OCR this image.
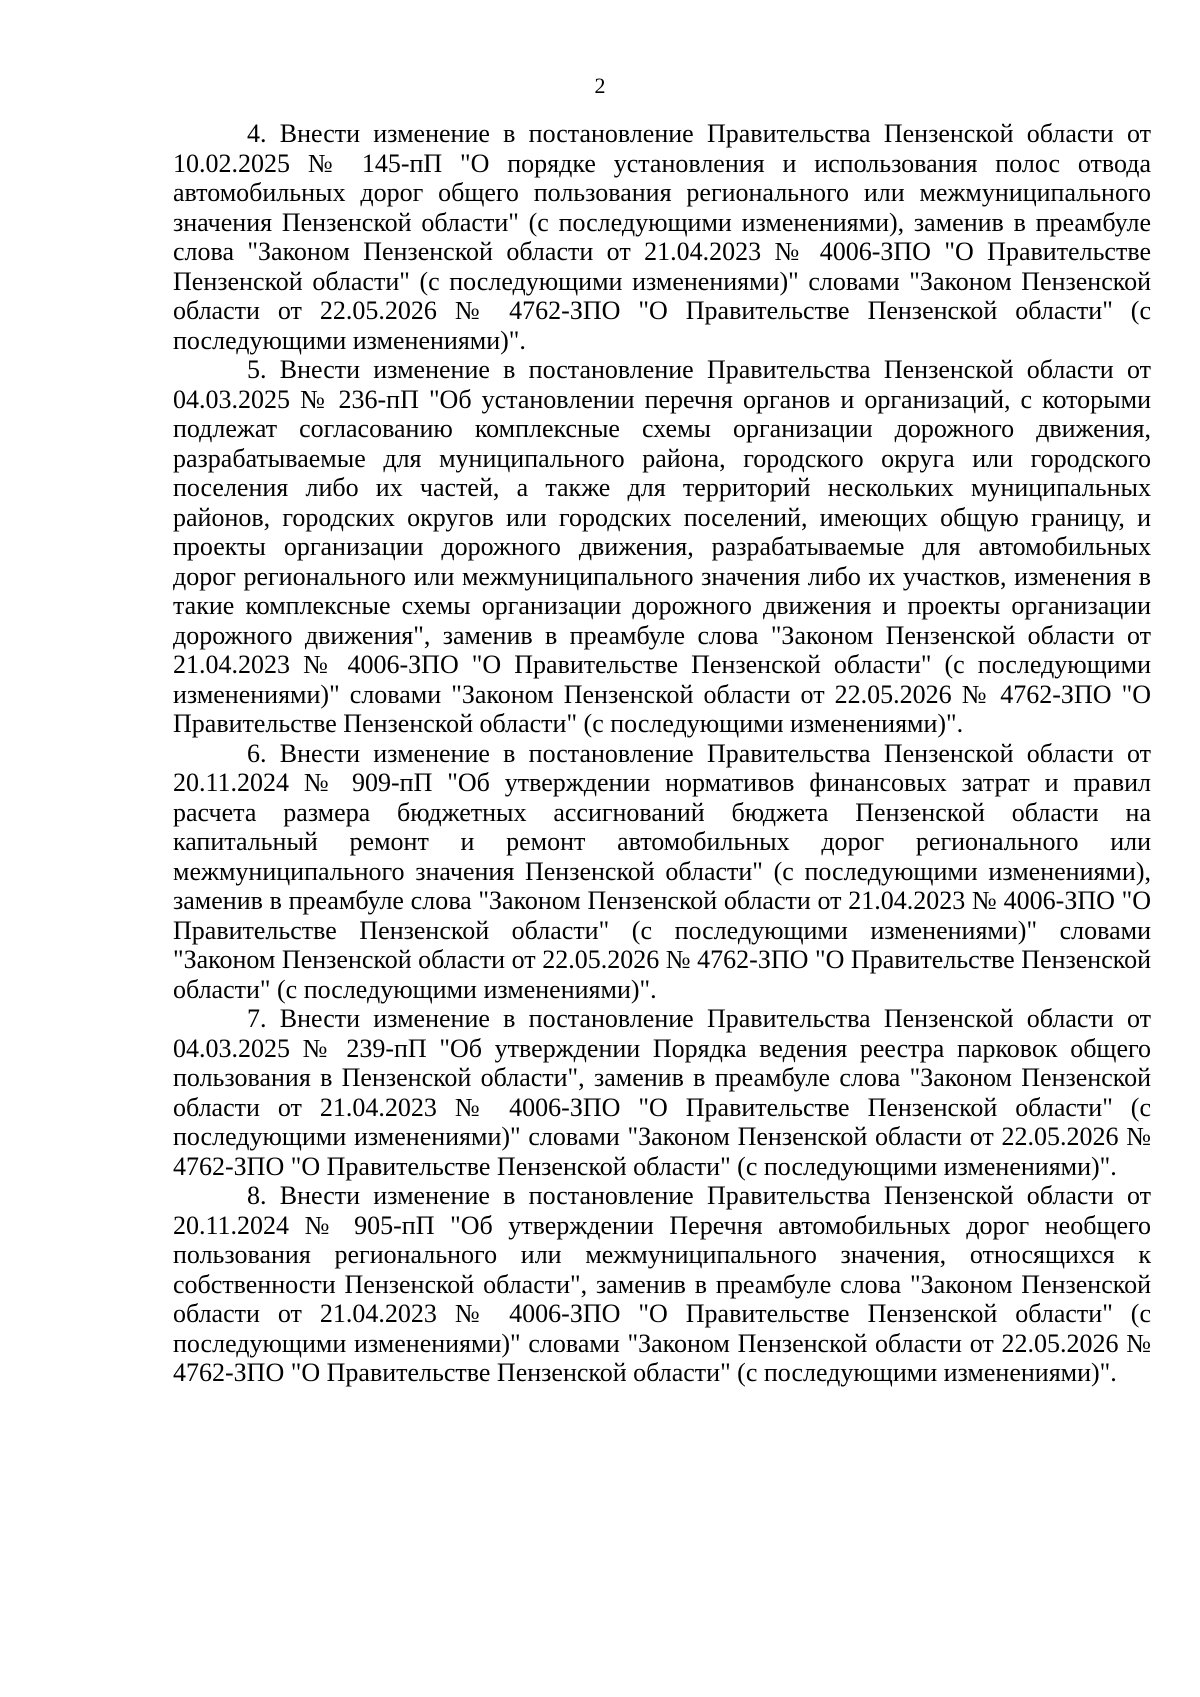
2

4. Внести изменение в постановление Правительства Пензенской области от 10.02.2025 № 145-пП "О порядке установления и использования полос отвода автомобильных дорог общего пользования регионального или межмуниципального значения Пензенской области" (с последующими изменениями), заменив в преамбуле слова "Законом Пензенской области от 21.04.2023 № 4006-ЗПО "О Правительстве Пензенской области" (с последующими изменениями)" словами "Законом Пензенской области от 22.05.2026 № 4762-ЗПО "О Правительстве Пензенской области" (с последующими изменениями)".

5. Внести изменение в постановление Правительства Пензенской области от 04.03.2025 № 236-пП "Об установлении перечня органов и организаций, с которыми подлежат согласованию комплексные схемы организации дорожного движения, разрабатываемые для муниципального района, городского округа или городского поселения либо их частей, а также для территорий нескольких муниципальных районов, городских округов или городских поселений, имеющих общую границу, и проекты организации дорожного движения, разрабатываемые для автомобильных дорог регионального или межмуниципального значения либо их участков, изменения в такие комплексные схемы организации дорожного движения и проекты организации дорожного движения", заменив в преамбуле слова "Законом Пензенской области от 21.04.2023 № 4006-ЗПО "О Правительстве Пензенской области" (с последующими изменениями)" словами "Законом Пензенской области от 22.05.2026 № 4762-ЗПО "О Правительстве Пензенской области" (с последующими изменениями)".

6. Внести изменение в постановление Правительства Пензенской области от 20.11.2024 № 909-пП "Об утверждении нормативов финансовых затрат и правил расчета размера бюджетных ассигнований бюджета Пензенской области на капитальный ремонт и ремонт автомобильных дорог регионального или межмуниципального значения Пензенской области" (с последующими изменениями), заменив в преамбуле слова "Законом Пензенской области от 21.04.2023 № 4006-ЗПО "О Правительстве Пензенской области" (с последующими изменениями)" словами "Законом Пензенской области от 22.05.2026 № 4762-ЗПО "О Правительстве Пензенской области" (с последующими изменениями)".

7. Внести изменение в постановление Правительства Пензенской области от 04.03.2025 № 239-пП "Об утверждении Порядка ведения реестра парковок общего пользования в Пензенской области", заменив в преамбуле слова "Законом Пензенской области от 21.04.2023 № 4006-ЗПО "О Правительстве Пензенской области" (с последующими изменениями)" словами "Законом Пензенской области от 22.05.2026 № 4762-ЗПО "О Правительстве Пензенской области" (с последующими изменениями)".

8. Внести изменение в постановление Правительства Пензенской области от 20.11.2024 № 905-пП "Об утверждении Перечня автомобильных дорог необщего пользования регионального или межмуниципального значения, относящихся к собственности Пензенской области", заменив в преамбуле слова "Законом Пензенской области от 21.04.2023 № 4006-ЗПО "О Правительстве Пензенской области" (с последующими изменениями)" словами "Законом Пензенской области от 22.05.2026 № 4762-ЗПО "О Правительстве Пензенской области" (с последующими изменениями)".
